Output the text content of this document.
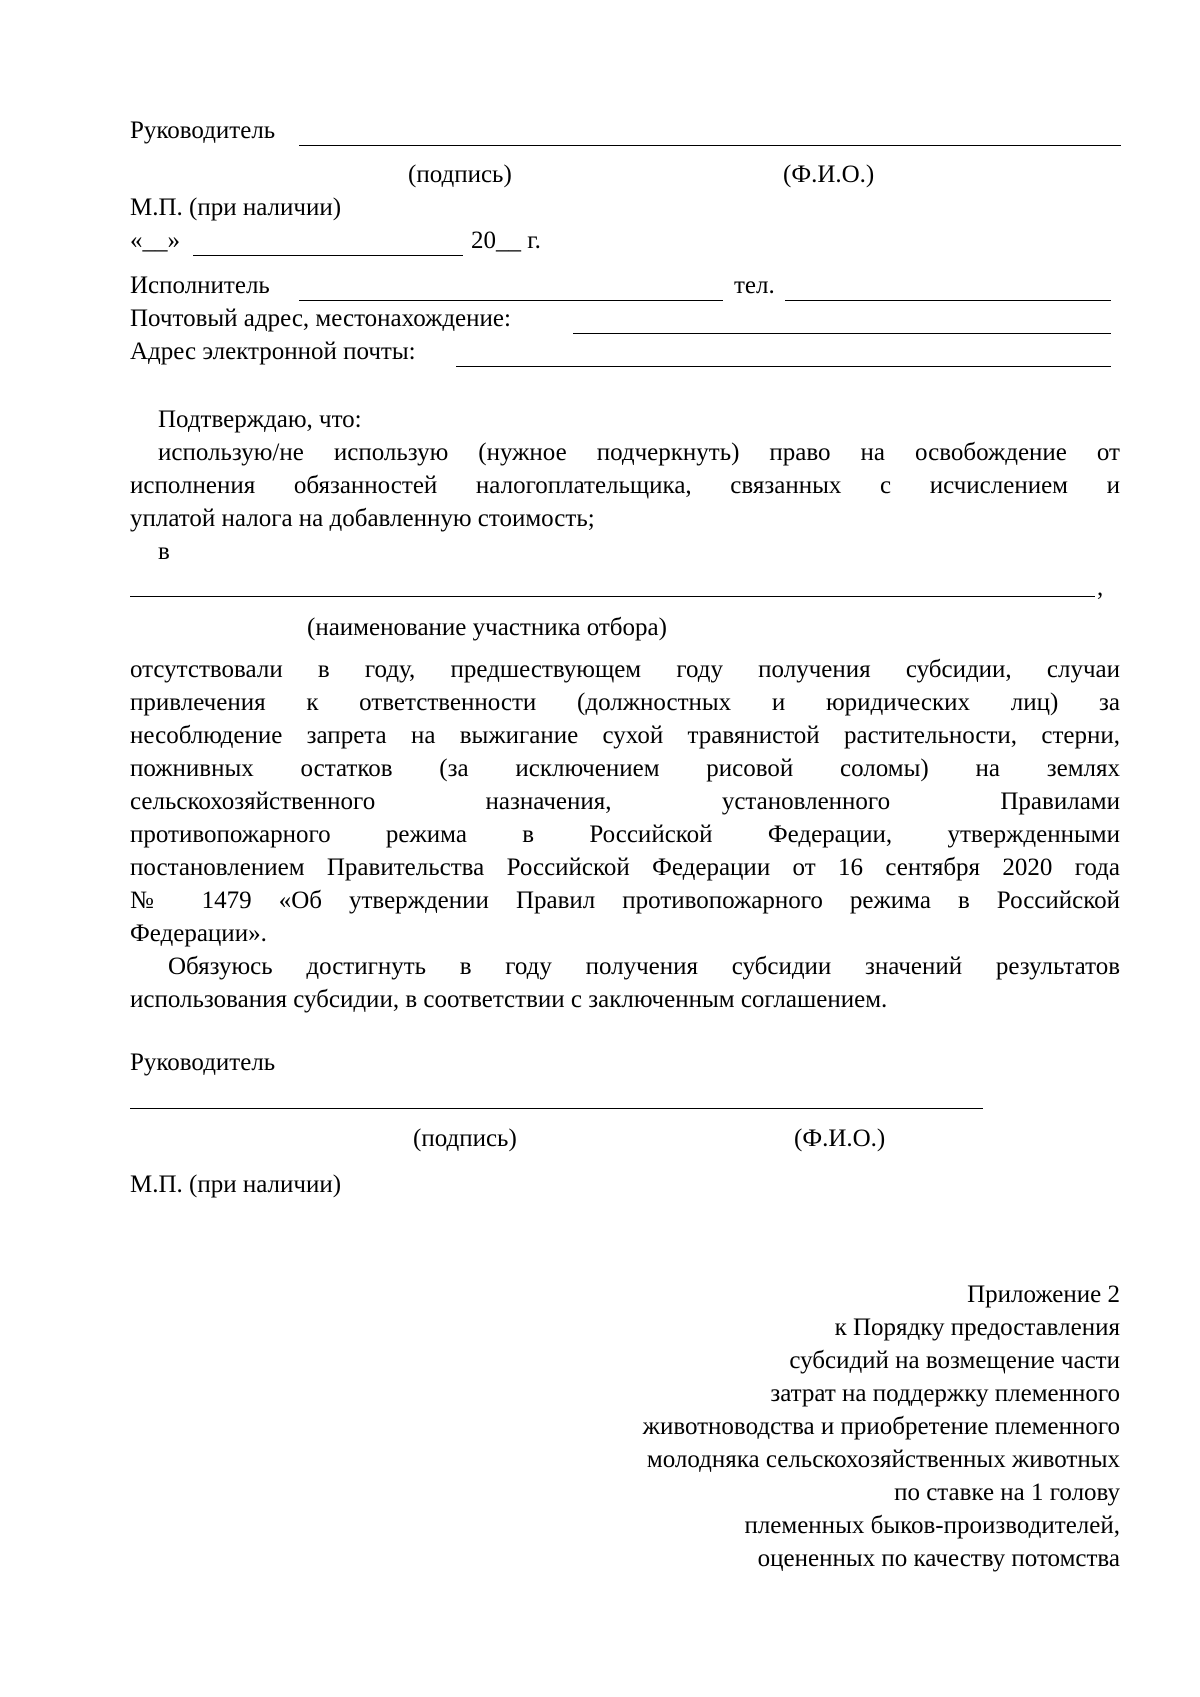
Руководитель
(подпись)	(Ф.И.О.)
М.П. (при наличии)
«__»	20__ г.
Исполнитель	тел.
Почтовый адрес, местонахождение:
Адрес электронной почты:
Подтверждаю, что:
использую/не использую (нужное подчеркнуть) право на освобождение от
исполнения обязанностей налогоплательщика, связанных с исчислением и
уплатой налога на добавленную стоимость;
в
,
(наименование участника отбора)
отсутствовали в году, предшествующем году получения субсидии, случаи
привлечения к ответственности (должностных и юридических лиц) за
несоблюдение запрета на выжигание сухой травянистой растительности, стерни,
пожнивных остатков (за исключением рисовой соломы) на землях
сельскохозяйственного назначения, установленного Правилами
противопожарного режима в Российской Федерации, утвержденными
постановлением Правительства Российской Федерации от 16 сентября 2020 года
№ 1479 «Об утверждении Правил противопожарного режима в Российской
Федерации».
Обязуюсь достигнуть в году получения субсидии значений результатов
использования субсидии, в соответствии с заключенным соглашением.
Руководитель
(подпись)	(Ф.И.О.)
М.П. (при наличии)
Приложение 2
к Порядку предоставления
субсидий на возмещение части
затрат на поддержку племенного
животноводства и приобретение племенного
молодняка сельскохозяйственных животных
по ставке на 1 голову
племенных быков-производителей,
оцененных по качеству потомства
